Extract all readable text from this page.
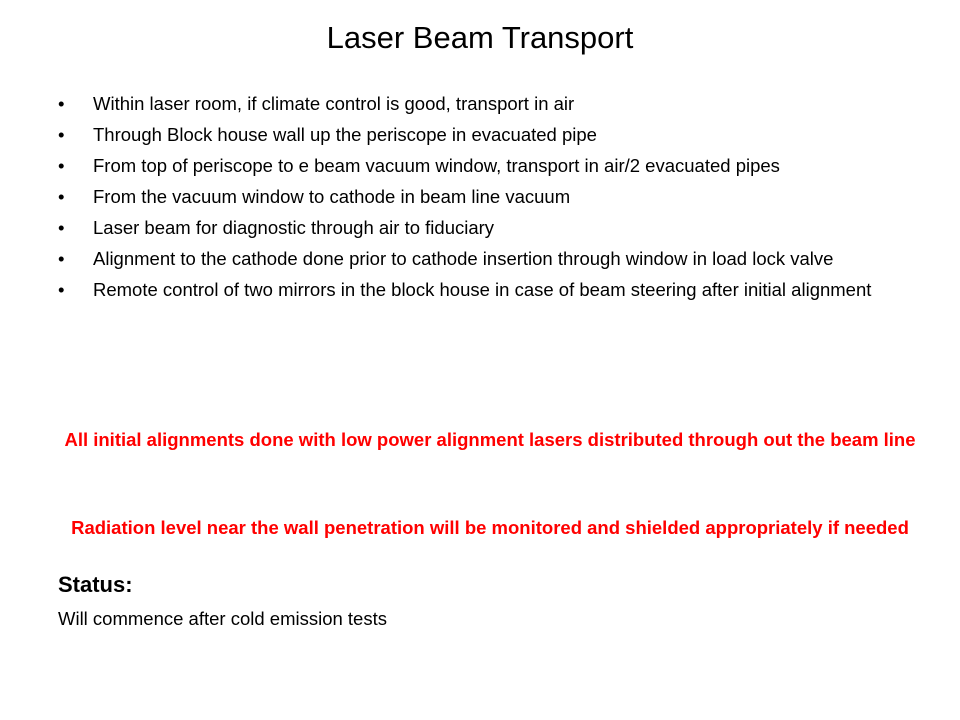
Laser Beam Transport
• Within laser room, if climate control is good, transport in air
• Through Block house wall up the periscope in evacuated pipe
• From top of periscope to e beam vacuum window, transport in air/2 evacuated pipes
• From the vacuum window to cathode in beam line vacuum
• Laser beam for diagnostic through air to fiduciary
• Alignment to the cathode done prior to cathode insertion through window in load lock valve
• Remote control of two mirrors in the block house in case of beam steering after initial alignment
All initial alignments done with low power alignment lasers distributed through out the beam line
Radiation level near the wall penetration will be monitored and shielded appropriately if needed
Status:
Will commence after cold emission tests
